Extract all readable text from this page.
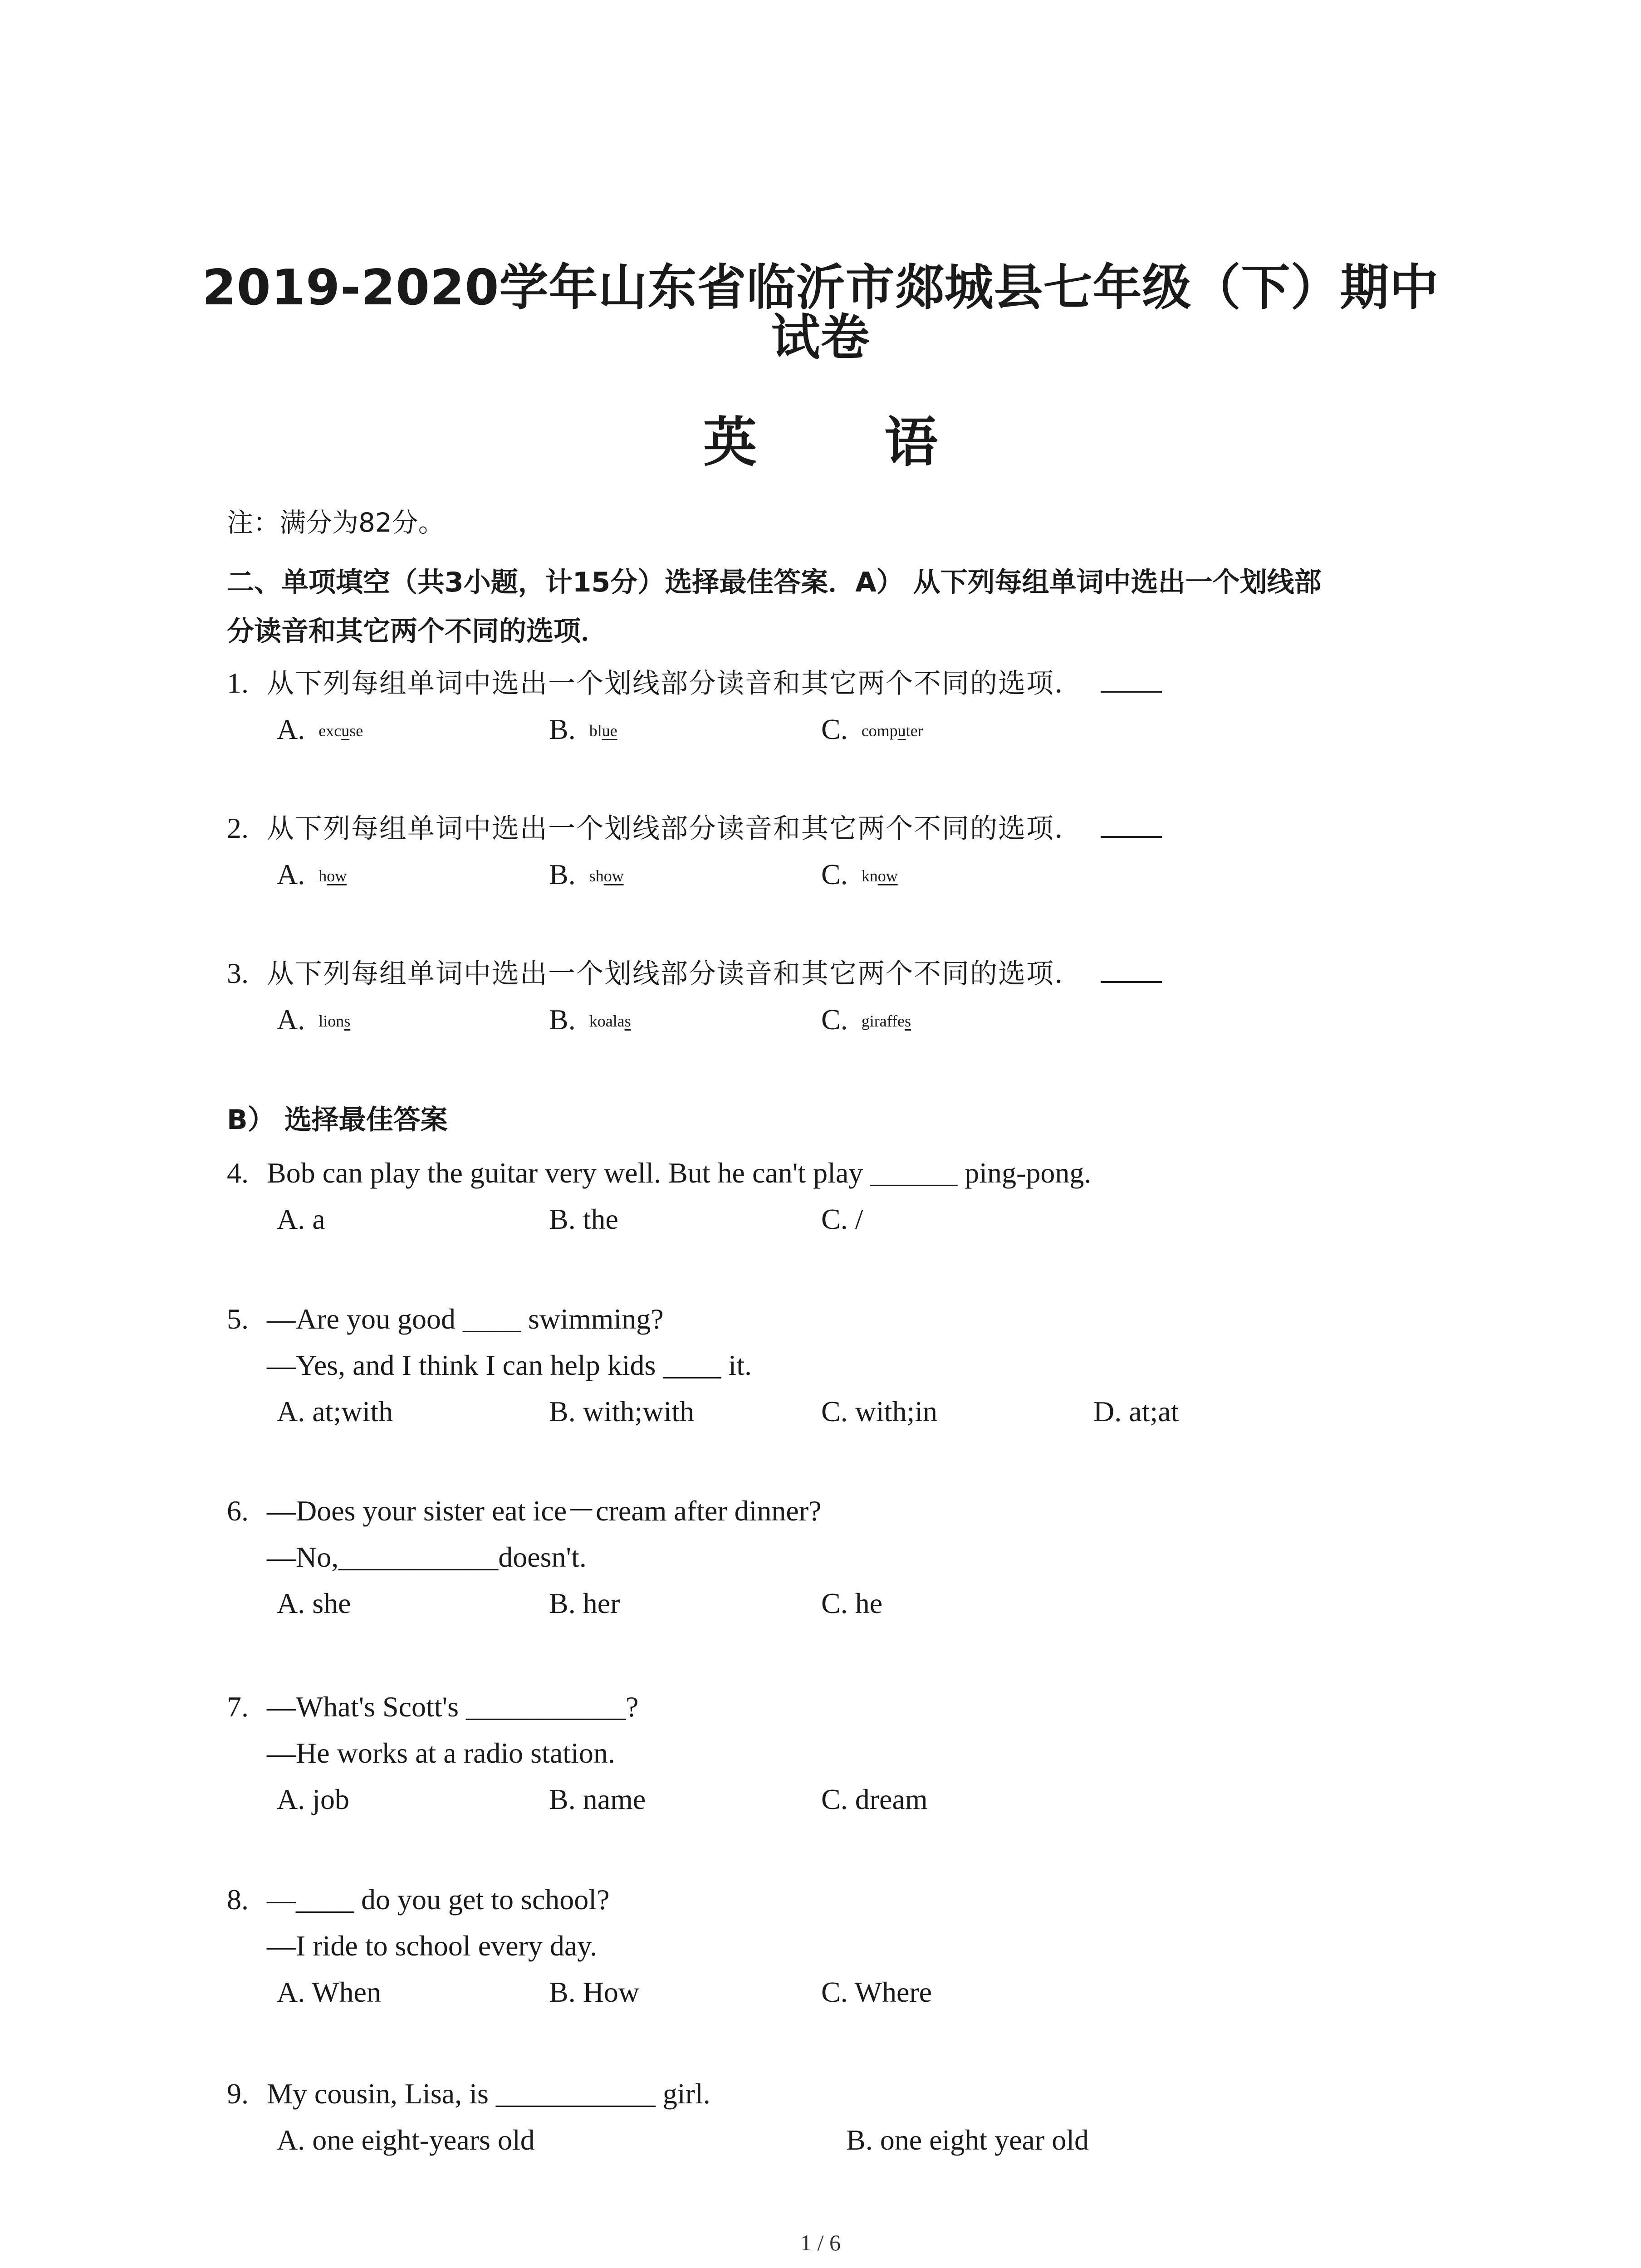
2019-2020学年山东省临沂市郯城县七年级（下）期中
试卷
英 语
注：满分为82分。
二、单项填空（共3小题，计15分）选择最佳答案．A） 从下列每组单词中选出一个划线部
分读音和其它两个不同的选项．
1. 从下列每组单词中选出一个划线部分读音和其它两个不同的选项．
A. excuse	B. blue	C. computer
2. 从下列每组单词中选出一个划线部分读音和其它两个不同的选项．
A. how	B. show	C. know
3. 从下列每组单词中选出一个划线部分读音和其它两个不同的选项．
A. lions	B. koalas	C. giraffes
B） 选择最佳答案
4. Bob can play the guitar very well. But he can't play ______ ping-pong.
A. a	B. the	C. /
5. —Are you good ____ swimming?
—Yes, and I think I can help kids ____ it.
A. at;with	B. with;with	C. with;in	D. at;at
6. —Does your sister eat ice－cream after dinner?
—No,___________doesn't.
A. she	B. her	C. he
7. —What's Scott's ___________?
—He works at a radio station.
A. job	B. name	C. dream
8. —____ do you get to school?
—I ride to school every day.
A. When	B. How	C. Where
9. My cousin, Lisa, is ___________ girl.
A. one eight-years old	B. one eight year old
1 / 6
